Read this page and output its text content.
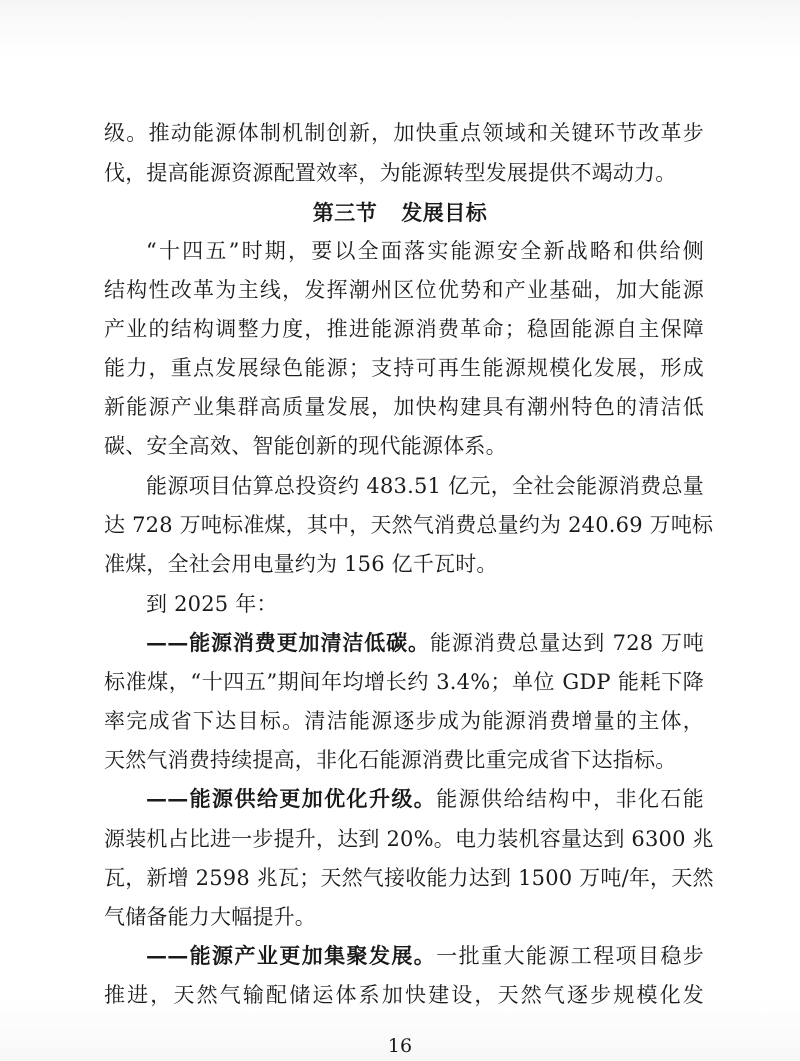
级。推动能源体制机制创新，加快重点领域和关键环节改革步
伐，提高能源资源配置效率，为能源转型发展提供不竭动力。
第三节 发展目标
“十四五”时期，要以全面落实能源安全新战略和供给侧
结构性改革为主线，发挥潮州区位优势和产业基础，加大能源
产业的结构调整力度，推进能源消费革命；稳固能源自主保障
能力，重点发展绿色能源；支持可再生能源规模化发展，形成
新能源产业集群高质量发展，加快构建具有潮州特色的清洁低
碳、安全高效、智能创新的现代能源体系。
能源项目估算总投资约 483.51 亿元，全社会能源消费总量
达 728 万吨标准煤，其中，天然气消费总量约为 240.69 万吨标
准煤，全社会用电量约为 156 亿千瓦时。
到 2025 年：
——能源消费更加清洁低碳。能源消费总量达到 728 万吨
标准煤，“十四五”期间年均增长约 3.4%；单位 GDP 能耗下降
率完成省下达目标。清洁能源逐步成为能源消费增量的主体，
天然气消费持续提高，非化石能源消费比重完成省下达指标。
——能源供给更加优化升级。能源供给结构中，非化石能
源装机占比进一步提升，达到 20%。电力装机容量达到 6300 兆
瓦，新增 2598 兆瓦；天然气接收能力达到 1500 万吨/年，天然
气储备能力大幅提升。
——能源产业更加集聚发展。一批重大能源工程项目稳步
推进，天然气输配储运体系加快建设，天然气逐步规模化发
16
